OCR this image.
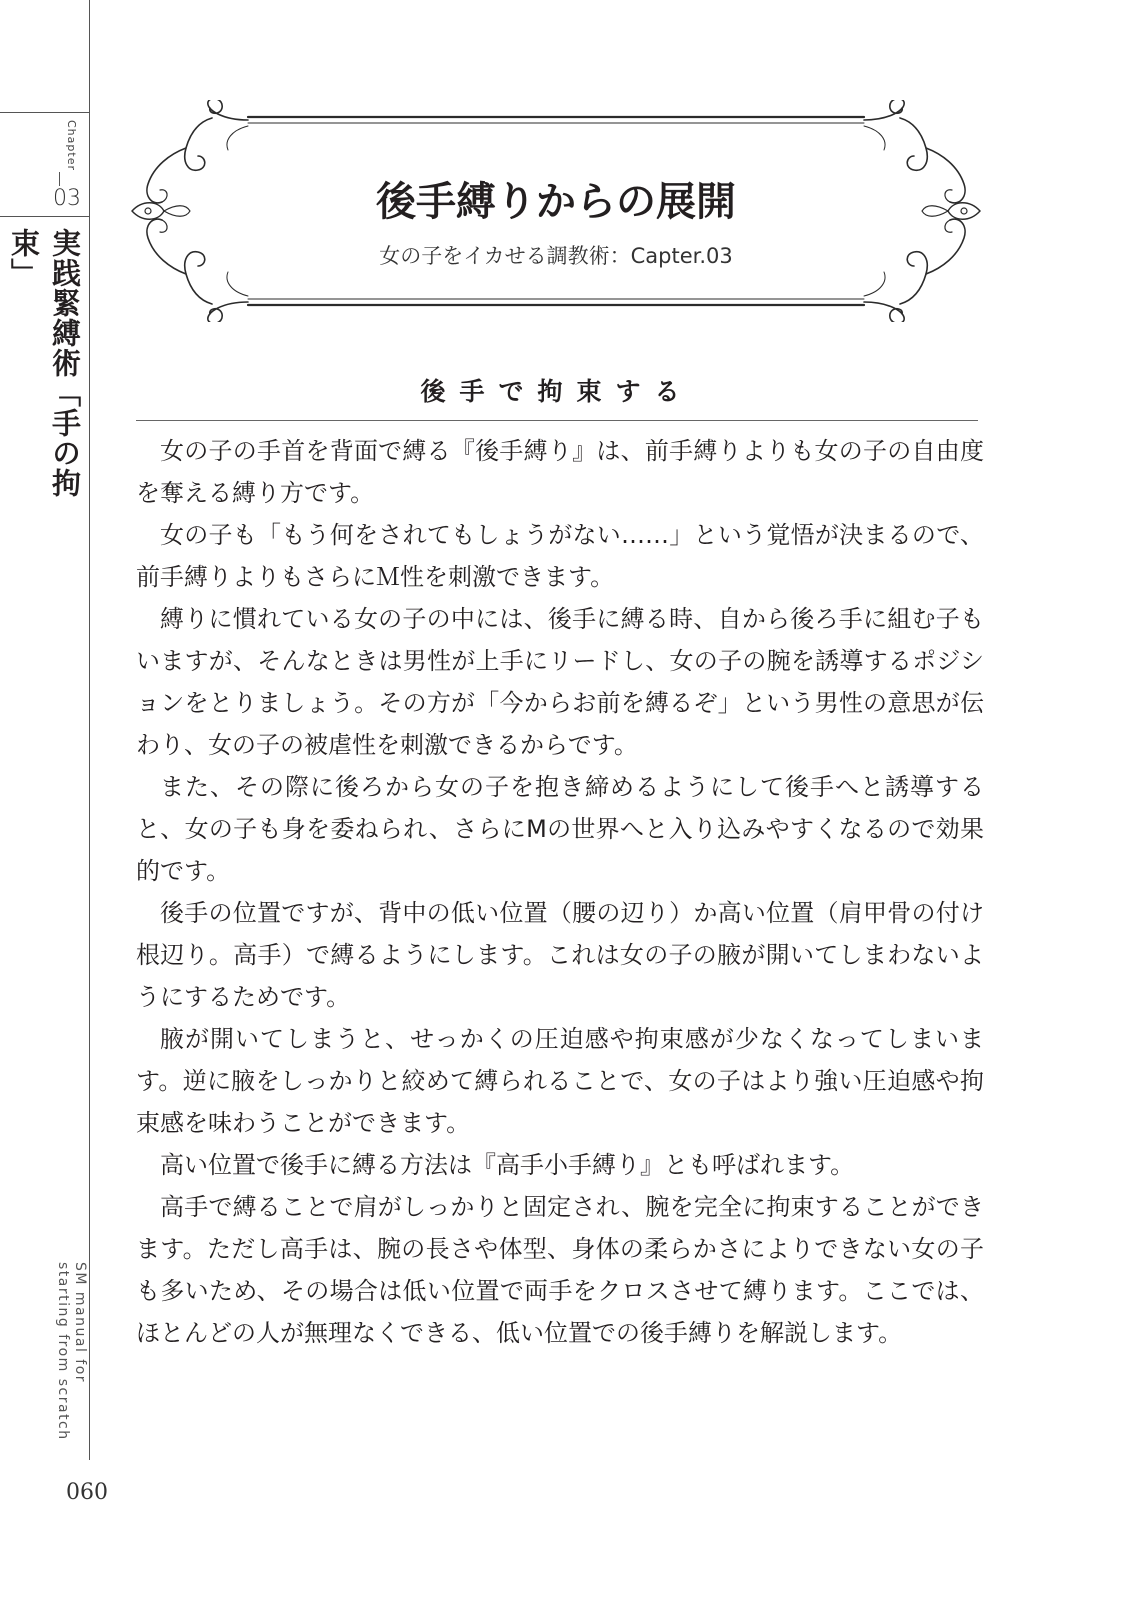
Chapter
03
実践緊縛術「手の拘束」
SM manual for starting from scratch
060
後手縛りからの展開
女の子をイカせる調教術：Capter.03
後手で拘束する

女の子の手首を背面で縛る『後手縛り』は、前手縛りよりも女の子の自由度を奪える縛り方です。

女の子も「もう何をされてもしょうがない……」という覚悟が決まるので、前手縛りよりもさらにＭ性を刺激できます。

縛りに慣れている女の子の中には、後手に縛る時、自から後ろ手に組む子もいますが、そんなときは男性が上手にリードし、女の子の腕を誘導するポジションをとりましょう。その方が「今からお前を縛るぞ」という男性の意思が伝わり、女の子の被虐性を刺激できるからです。

また、その際に後ろから女の子を抱き締めるようにして後手へと誘導すると、女の子も身を委ねられ、さらにMの世界へと入り込みやすくなるので効果的です。

後手の位置ですが、背中の低い位置（腰の辺り）か高い位置（肩甲骨の付け根辺り。高手）で縛るようにします。これは女の子の腋が開いてしまわないようにするためです。

腋が開いてしまうと、せっかくの圧迫感や拘束感が少なくなってしまいます。逆に腋をしっかりと絞めて縛られることで、女の子はより強い圧迫感や拘束感を味わうことができます。

高い位置で後手に縛る方法は『高手小手縛り』とも呼ばれます。

高手で縛ることで肩がしっかりと固定され、腕を完全に拘束することができます。ただし高手は、腕の長さや体型、身体の柔らかさによりできない女の子も多いため、その場合は低い位置で両手をクロスさせて縛ります。ここでは、ほとんどの人が無理なくできる、低い位置での後手縛りを解説します。
